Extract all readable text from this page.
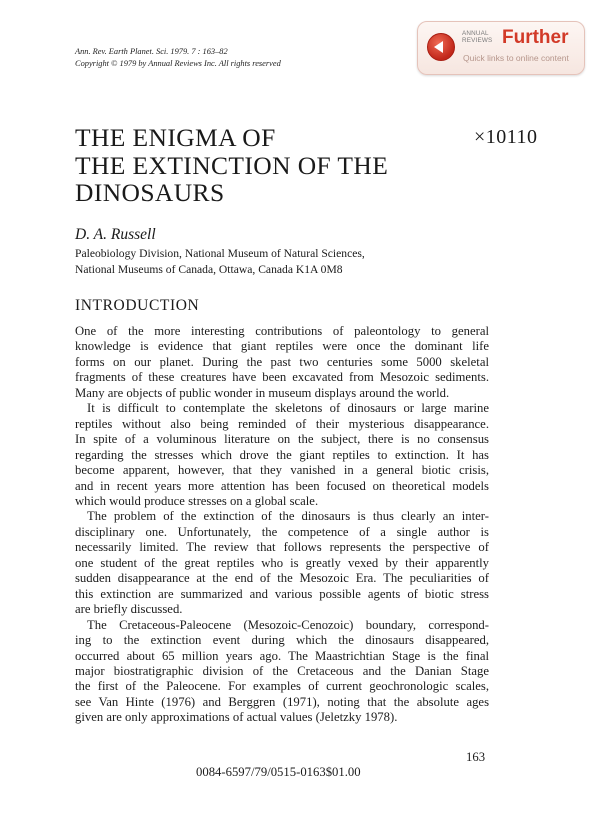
Ann. Rev. Earth Planet. Sci. 1979. 7 : 163–82
Copyright © 1979 by Annual Reviews Inc. All rights reserved
ANNUAL
REVIEWS Further
Quick links to online content
THE ENIGMA OF
THE EXTINCTION OF THE
DINOSAURS
×10110
D. A. Russell
Paleobiology Division, National Museum of Natural Sciences,
National Museums of Canada, Ottawa, Canada K1A 0M8
INTRODUCTION
One of the more interesting contributions of paleontology to general
knowledge is evidence that giant reptiles were once the dominant life
forms on our planet. During the past two centuries some 5000 skeletal
fragments of these creatures have been excavated from Mesozoic sediments.
Many are objects of public wonder in museum displays around the world.
It is difficult to contemplate the skeletons of dinosaurs or large marine
reptiles without also being reminded of their mysterious disappearance.
In spite of a voluminous literature on the subject, there is no consensus
regarding the stresses which drove the giant reptiles to extinction. It has
become apparent, however, that they vanished in a general biotic crisis,
and in recent years more attention has been focused on theoretical models
which would produce stresses on a global scale.
The problem of the extinction of the dinosaurs is thus clearly an inter-
disciplinary one. Unfortunately, the competence of a single author is
necessarily limited. The review that follows represents the perspective of
one student of the great reptiles who is greatly vexed by their apparently
sudden disappearance at the end of the Mesozoic Era. The peculiarities of
this extinction are summarized and various possible agents of biotic stress
are briefly discussed.
The Cretaceous-Paleocene (Mesozoic-Cenozoic) boundary, correspond-
ing to the extinction event during which the dinosaurs disappeared,
occurred about 65 million years ago. The Maastrichtian Stage is the final
major biostratigraphic division of the Cretaceous and the Danian Stage
the first of the Paleocene. For examples of current geochronologic scales,
see Van Hinte (1976) and Berggren (1971), noting that the absolute ages
given are only approximations of actual values (Jeletzky 1978).
163
0084-6597/79/0515-0163$01.00
